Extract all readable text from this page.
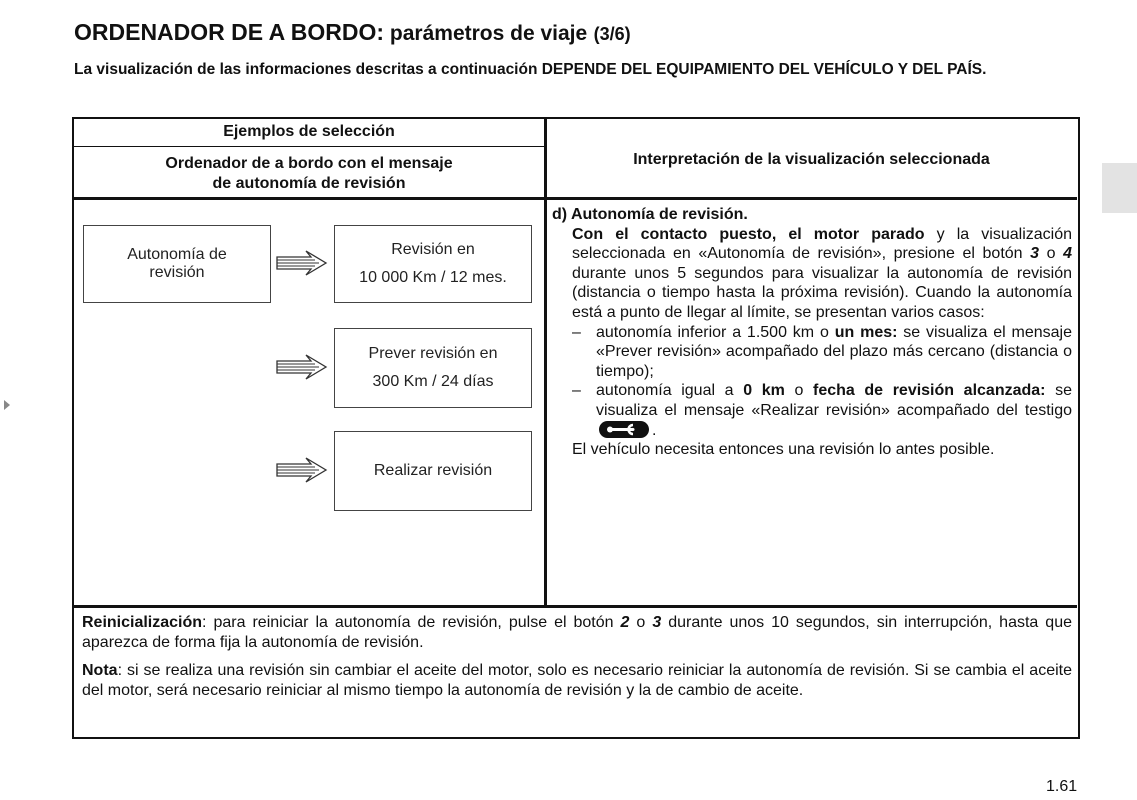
ORDENADOR DE A BORDO: parámetros de viaje (3/6)
La visualización de las informaciones descritas a continuación DEPENDE DEL EQUIPAMIENTO DEL VEHÍCULO Y DEL PAÍS.
Ejemplos de selección
Ordenador de a bordo con el mensaje
de autonomía de revisión
Interpretación de la visualización seleccionada
Autonomía de
revisión
Revisión en
10 000 Km / 12 mes.
Prever revisión en
300 Km / 24 días
Realizar revisión

d) Autonomía de revisión.

Con el contacto puesto, el motor parado y la visualización seleccionada en «Autonomía de revisión», presione el botón 3 o 4 durante unos 5 segundos para visualizar la autonomía de revisión (distancia o tiempo hasta la próxima revisión). Cuando la autonomía está a punto de llegar al límite, se presentan varios casos:

– autonomía inferior a 1.500 km o un mes: se visualiza el mensaje «Prever revisión» acompañado del plazo más cercano (distancia o tiempo);
– autonomía igual a 0 km o fecha de revisión alcanzada: se visualiza el mensaje «Realizar revisión» acompañado del testigo
.

El vehículo necesita entonces una revisión lo antes posible.

Reinicialización: para reiniciar la autonomía de revisión, pulse el botón 2 o 3 durante unos 10 segundos, sin interrupción, hasta que aparezca de forma fija la autonomía de revisión.
Nota: si se realiza una revisión sin cambiar el aceite del motor, solo es necesario reiniciar la autonomía de revisión. Si se cambia el aceite del motor, será necesario reiniciar al mismo tiempo la autonomía de revisión y la de cambio de aceite.
1.61
